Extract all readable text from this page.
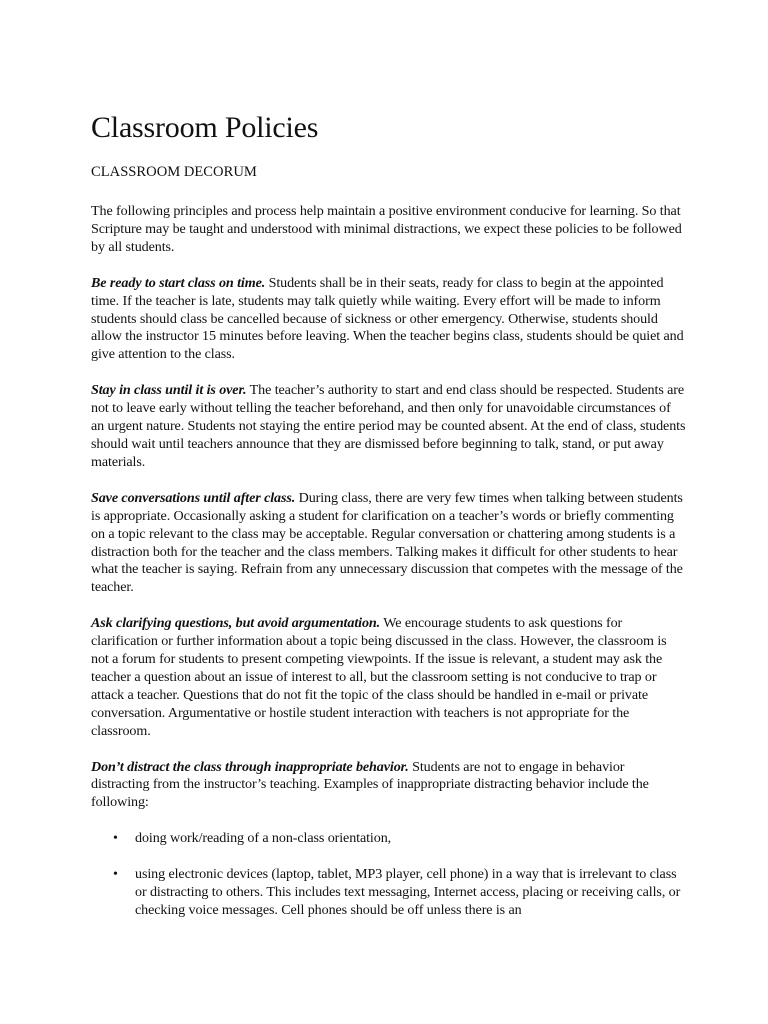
Classroom Policies
CLASSROOM DECORUM

The following principles and process help maintain a positive environment conducive for learning. So that Scripture may be taught and understood with minimal distractions, we expect these policies to be followed by all students.

Be ready to start class on time. Students shall be in their seats, ready for class to begin at the appointed time. If the teacher is late, students may talk quietly while waiting. Every effort will be made to inform students should class be cancelled because of sickness or other emergency. Otherwise, students should allow the instructor 15 minutes before leaving. When the teacher begins class, students should be quiet and give attention to the class.

Stay in class until it is over. The teacher’s authority to start and end class should be respected. Students are not to leave early without telling the teacher beforehand, and then only for unavoidable circumstances of an urgent nature. Students not staying the entire period may be counted absent. At the end of class, students should wait until teachers announce that they are dismissed before beginning to talk, stand, or put away materials.

Save conversations until after class. During class, there are very few times when talking between students is appropriate. Occasionally asking a student for clarification on a teacher’s words or briefly commenting on a topic relevant to the class may be acceptable. Regular conversation or chattering among students is a distraction both for the teacher and the class members. Talking makes it difficult for other students to hear what the teacher is saying. Refrain from any unnecessary discussion that competes with the message of the teacher.

Ask clarifying questions, but avoid argumentation. We encourage students to ask questions for clarification or further information about a topic being discussed in the class. However, the classroom is not a forum for students to present competing viewpoints. If the issue is relevant, a student may ask the teacher a question about an issue of interest to all, but the classroom setting is not conducive to trap or attack a teacher. Questions that do not fit the topic of the class should be handled in e-mail or private conversation. Argumentative or hostile student interaction with teachers is not appropriate for the classroom.

Don’t distract the class through inappropriate behavior. Students are not to engage in behavior distracting from the instructor’s teaching. Examples of inappropriate distracting behavior include the following:

• doing work/reading of a non-class orientation,
• using electronic devices (laptop, tablet, MP3 player, cell phone) in a way that is irrelevant to class or distracting to others. This includes text messaging, Internet access, placing or receiving calls, or checking voice messages. Cell phones should be off unless there is an
